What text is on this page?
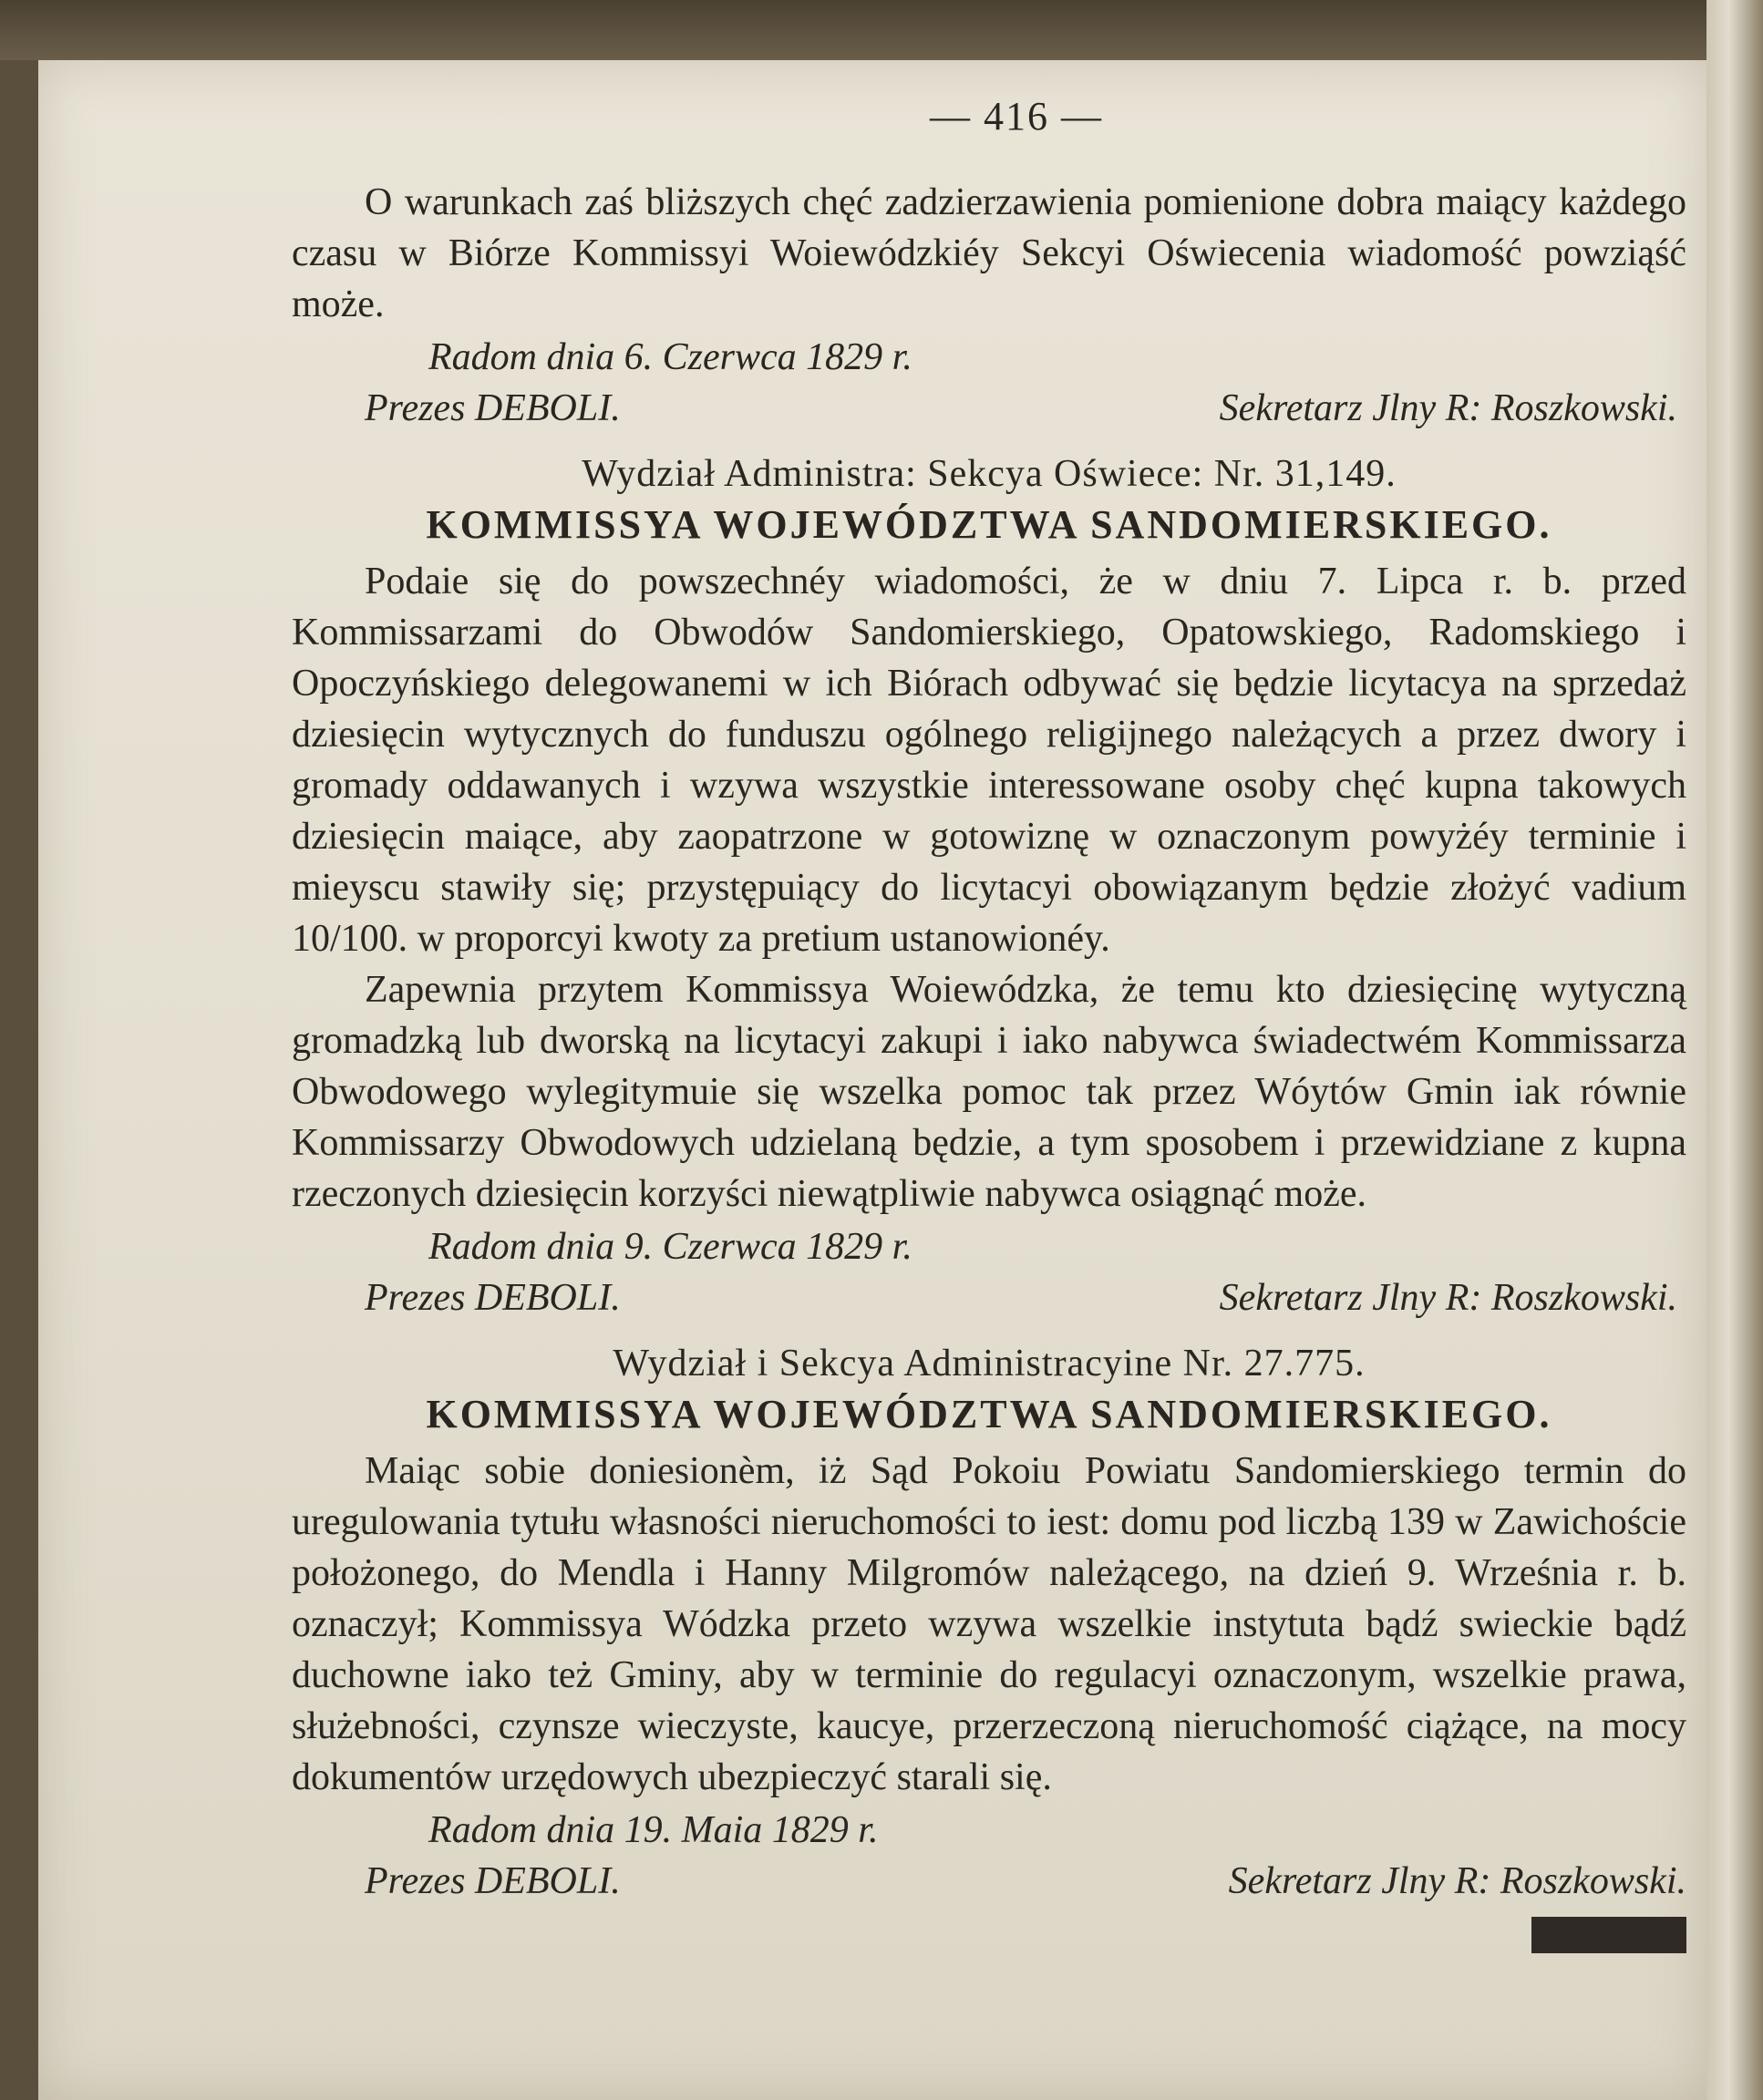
— 416 —

O warunkach zaś bliższych chęć zadzierzawienia pomienione dobra maiący każdego czasu w Biórze Kommissyi Woiewódzkiéy Sekcyi Oświecenia wiadomość powziąść może.

Radom dnia 6. Czerwca 1829 r.
Prezes DEBOLI.	Sekretarz Jlny R: Roszkowski.
Wydział Administra: Sekcya Oświece: Nr. 31,149.
KOMMISSYA WOJEWÓDZTWA SANDOMIERSKIEGO.

Podaie się do powszechnéy wiadomości, że w dniu 7. Lipca r. b. przed Kommissarzami do Obwodów Sandomierskiego, Opatowskiego, Radomskiego i Opoczyńskiego delegowanemi w ich Biórach odbywać się będzie licytacya na sprzedaż dziesięcin wytycznych do funduszu ogólnego religijnego należących a przez dwory i gromady oddawanych i wzywa wszystkie interessowane osoby chęć kupna takowych dziesięcin maiące, aby zaopatrzone w gotowiznę w oznaczonym powyżéy terminie i mieyscu stawiły się; przystępuiący do licytacyi obowiązanym będzie złożyć vadium 10/100. w proporcyi kwoty za pretium ustanowionéy.

Zapewnia przytem Kommissya Woiewódzka, że temu kto dziesięcinę wytyczną gromadzką lub dworską na licytacyi zakupi i iako nabywca świadectwém Kommissarza Obwodowego wylegitymuie się wszelka pomoc tak przez Wóytów Gmin iak równie Kommissarzy Obwodowych udzielaną będzie, a tym sposobem i przewidziane z kupna rzeczonych dziesięcin korzyści niewątpliwie nabywca osiągnąć może.

Radom dnia 9. Czerwca 1829 r.
Prezes DEBOLI.	Sekretarz Jlny R: Roszkowski.
Wydział i Sekcya Administracyine Nr. 27.775.
KOMMISSYA WOJEWÓDZTWA SANDOMIERSKIEGO.

Maiąc sobie doniesionèm, iż Sąd Pokoiu Powiatu Sandomierskiego termin do uregulowania tytułu własności nieruchomości to iest: domu pod liczbą 139 w Zawichoście położonego, do Mendla i Hanny Milgromów należącego, na dzień 9. Września r. b. oznaczył; Kommissya Wódzka przeto wzywa wszelkie instytuta bądź swieckie bądź duchowne iako też Gminy, aby w terminie do regulacyi oznaczonym, wszelkie prawa, służebności, czynsze wieczyste, kaucye, przerzeczoną nieruchomość ciążące, na mocy dokumentów urzędowych ubezpieczyć starali się.

Radom dnia 19. Maia 1829 r.
Prezes DEBOLI.	Sekretarz Jlny R: Roszkowski.
